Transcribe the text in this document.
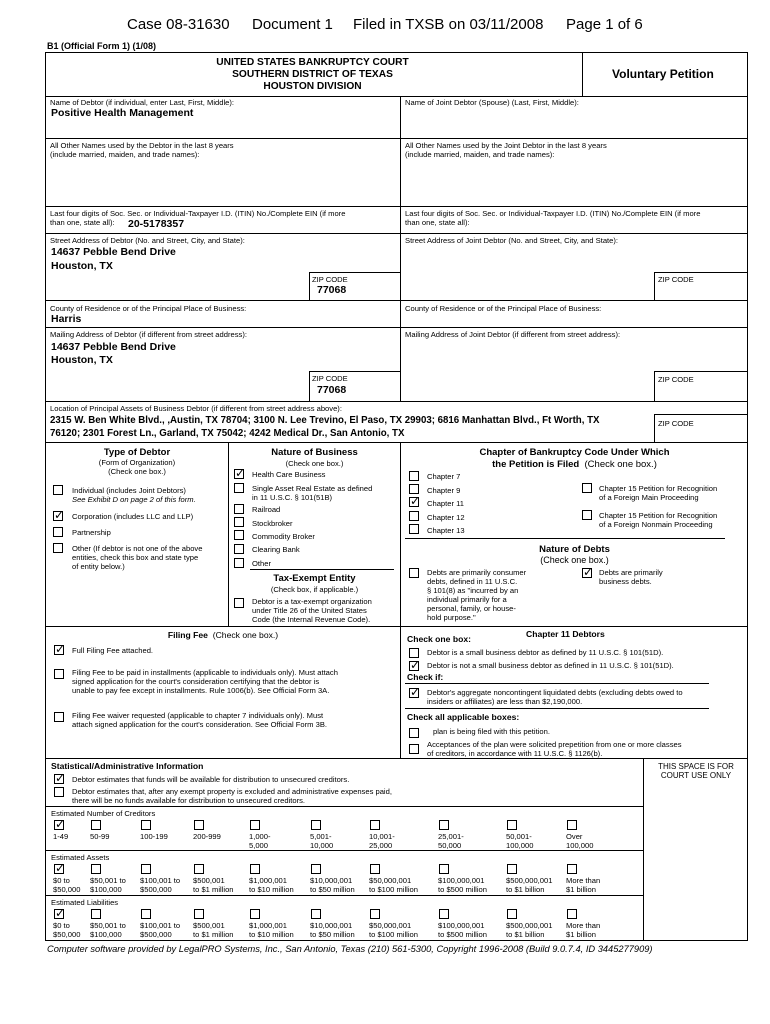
Case 08-31630 Document 1 Filed in TXSB on 03/11/2008 Page 1 of 6
B1 (Official Form 1) (1/08)
UNITED STATES BANKRUPTCY COURT
SOUTHERN DISTRICT OF TEXAS
HOUSTON DIVISION
Voluntary Petition
Name of Debtor (if individual, enter Last, First, Middle):
Positive Health Management
Name of Joint Debtor (Spouse) (Last, First, Middle):
All Other Names used by the Debtor in the last 8 years
(include married, maiden, and trade names):
All Other Names used by the Joint Debtor in the last 8 years
(include married, maiden, and trade names):
Last four digits of Soc. Sec. or Individual-Taxpayer I.D. (ITIN) No./Complete EIN (if more
than one, state all):	20-5178357
Last four digits of Soc. Sec. or Individual-Taxpayer I.D. (ITIN) No./Complete EIN (if more
than one, state all):
Street Address of Debtor (No. and Street, City, and State):
14637 Pebble Bend Drive
Houston, TX
Street Address of Joint Debtor (No. and Street, City, and State):
ZIP CODE
77068
ZIP CODE
County of Residence or of the Principal Place of Business:
Harris
County of Residence or of the Principal Place of Business:
Mailing Address of Debtor (if different from street address):
14637 Pebble Bend Drive
Houston, TX
Mailing Address of Joint Debtor (if different from street address):
ZIP CODE
77068
ZIP CODE
Location of Principal Assets of Business Debtor (if different from street address above):
2315 W. Ben White Blvd., ,Austin, TX 78704; 3100 N. Lee Trevino, El Paso, TX 29903; 6816 Manhattan Blvd., Ft Worth, TX
76120; 2301 Forest Ln., Garland, TX 75042; 4242 Medical Dr., San Antonio, TX
ZIP CODE
Type of Debtor
(Form of Organization)
(Check one box.)
Individual (includes Joint Debtors)
See Exhibit D on page 2 of this form.
✓
Corporation (includes LLC and LLP)
Partnership
Other (If debtor is not one of the above
entities, check this box and state type
of entity below.)
Nature of Business
(Check one box.)
✓
Health Care Business
Single Asset Real Estate as defined
in 11 U.S.C. § 101(51B)
Railroad
Stockbroker
Commodity Broker
Clearing Bank
Other
Tax-Exempt Entity
(Check box, if applicable.)
Debtor is a tax-exempt organization
under Title 26 of the United States
Code (the Internal Revenue Code).
Chapter of Bankruptcy Code Under Which
the Petition is Filed (Check one box.)
Chapter 7
Chapter 9
✓
Chapter 11
Chapter 12
Chapter 13
Chapter 15 Petition for Recognition
of a Foreign Main Proceeding
Chapter 15 Petition for Recognition
of a Foreign Nonmain Proceeding
Nature of Debts
(Check one box.)
Debts are primarily consumer
debts, defined in 11 U.S.C.
§ 101(8) as "incurred by an
individual primarily for a
personal, family, or house-
hold purpose."
✓
Debts are primarily
business debts.
Filing Fee (Check one box.)
✓
Full Filing Fee attached.
Filing Fee to be paid in installments (applicable to individuals only). Must attach
signed application for the court's consideration certifying that the debtor is
unable to pay fee except in installments. Rule 1006(b). See Official Form 3A.
Filing Fee waiver requested (applicable to chapter 7 individuals only). Must
attach signed application for the court's consideration. See Official Form 3B.
Chapter 11 Debtors
Check one box:
Debtor is a small business debtor as defined by 11 U.S.C. § 101(51D).
✓
Debtor is not a small business debtor as defined in 11 U.S.C. § 101(51D).
Check if:
✓
Debtor's aggregate noncontingent liquidated debts (excluding debts owed to
insiders or affiliates) are less than $2,190,000.
Check all applicable boxes:
plan is being filed with this petition.
Acceptances of the plan were solicited prepetition from one or more classes
of creditors, in accordance with 11 U.S.C. § 1126(b).
Statistical/Administrative Information	THIS SPACE IS FOR
COURT USE ONLY
✓
Debtor estimates that funds will be available for distribution to unsecured creditors.
Debtor estimates that, after any exempt property is excluded and administrative expenses paid,
there will be no funds available for distribution to unsecured creditors.
Estimated Number of Creditors
✓
1-49	50-99	100-199	200-999	1,000-
5,000
5,001-
10,000
10,001-
25,000
25,001-
50,000
50,001-
100,000
Over
100,000
Estimated Assets
✓
$0 to
$50,000
$50,001 to
$100,000
$100,001 to
$500,000
$500,001
to $1 million
$1,000,001
to $10 million
$10,000,001
to $50 million
$50,000,001
to $100 million
$100,000,001
to $500 million
$500,000,001
to $1 billion
More than
$1 billion
Estimated Liabilities
✓
$0 to
$50,000
$50,001 to
$100,000
$100,001 to
$500,000
$500,001
to $1 million
$1,000,001
to $10 million
$10,000,001
to $50 million
$50,000,001
to $100 million
$100,000,001
to $500 million
$500,000,001
to $1 billion
More than
$1 billion
Computer software provided by LegalPRO Systems, Inc., San Antonio, Texas (210) 561-5300, Copyright 1996-2008 (Build 9.0.7.4, ID 3445277909)
